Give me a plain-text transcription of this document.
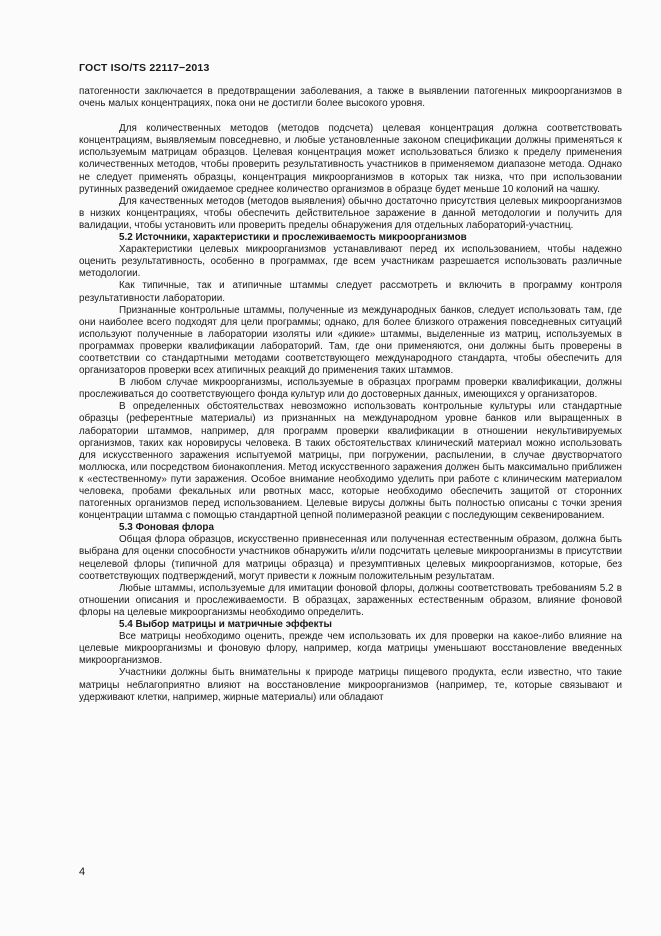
ГОСТ ISO/TS 22117−2013

патогенности заключается в предотвращении заболевания, а также в выявлении патогенных микроорганизмов в очень малых концентрациях, пока они не достигли более высокого уровня.

Для количественных методов (методов подсчета) целевая концентрация должна соответствовать концентрациям, выявляемым повседневно, и любые установленные законом спецификации должны применяться к используемым матрицам образцов. Целевая концентрация может использоваться близко к пределу применения количественных методов, чтобы проверить результативность участников в применяемом диапазоне метода. Однако не следует применять образцы, концентрация микроорганизмов в которых так низка, что при использовании рутинных разведений ожидаемое среднее количество организмов в образце будет меньше 10 колоний на чашку.

Для качественных методов (методов выявления) обычно достаточно присутствия целевых микроорганизмов в низких концентрациях, чтобы обеспечить действительное заражение в данной методологии и получить для валидации, чтобы установить или проверить пределы обнаружения для отдельных лабораторий-участниц.

5.2 Источники, характеристики и прослеживаемость микроорганизмов

Характеристики целевых микроорганизмов устанавливают перед их использованием, чтобы надежно оценить результативность, особенно в программах, где всем участникам разрешается использовать различные методологии.

Как типичные, так и атипичные штаммы следует рассмотреть и включить в программу контроля результативности лаборатории.

Признанные контрольные штаммы, полученные из международных банков, следует использовать там, где они наиболее всего подходят для цели программы; однако, для более близкого отражения повседневных ситуаций используют полученные в лаборатории изоляты или «дикие» штаммы, выделенные из матриц, используемых в программах проверки квалификации лабораторий. Там, где они применяются, они должны быть проверены в соответствии со стандартными методами соответствующего международного стандарта, чтобы обеспечить для организаторов проверки всех атипичных реакций до применения таких штаммов.

В любом случае микроорганизмы, используемые в образцах программ проверки квалификации, должны прослеживаться до соответствующего фонда культур или до достоверных данных, имеющихся у организаторов.

В определенных обстоятельствах невозможно использовать контрольные культуры или стандартные образцы (референтные материалы) из признанных на международном уровне банков или выращенных в лаборатории штаммов, например, для программ проверки квалификации в отношении некультивируемых организмов, таких как норовирусы человека. В таких обстоятельствах клинический материал можно использовать для искусственного заражения испытуемой матрицы, при погружении, распылении, в случае двустворчатого моллюска, или посредством бионакопления. Метод искусственного заражения должен быть максимально приближен к «естественному» пути заражения. Особое внимание необходимо уделить при работе с клиническим материалом человека, пробами фекальных или рвотных масс, которые необходимо обеспечить защитой от сторонних патогенных организмов перед использованием. Целевые вирусы должны быть полностью описаны с точки зрения концентрации штамма с помощью стандартной цепной полимеразной реакции с последующим секвенированием.

5.3 Фоновая флора

Общая флора образцов, искусственно привнесенная или полученная естественным образом, должна быть выбрана для оценки способности участников обнаружить и/или подсчитать целевые микроорганизмы в присутствии нецелевой флоры (типичной для матрицы образца) и презумптивных целевых микроорганизмов, которые, без соответствующих подтверждений, могут привести к ложным положительным результатам.

Любые штаммы, используемые для имитации фоновой флоры, должны соответствовать требованиям 5.2 в отношении описания и прослеживаемости. В образцах, зараженных естественным образом, влияние фоновой флоры на целевые микроорганизмы необходимо определить.

5.4 Выбор матрицы и матричные эффекты

Все матрицы необходимо оценить, прежде чем использовать их для проверки на какое-либо влияние на целевые микроорганизмы и фоновую флору, например, когда матрицы уменьшают восстановление введенных микроорганизмов.

Участники должны быть внимательны к природе матрицы пищевого продукта, если известно, что такие матрицы неблагоприятно влияют на восстановление микроорганизмов (например, те, которые связывают и удерживают клетки, например, жирные материалы) или обладают

4
